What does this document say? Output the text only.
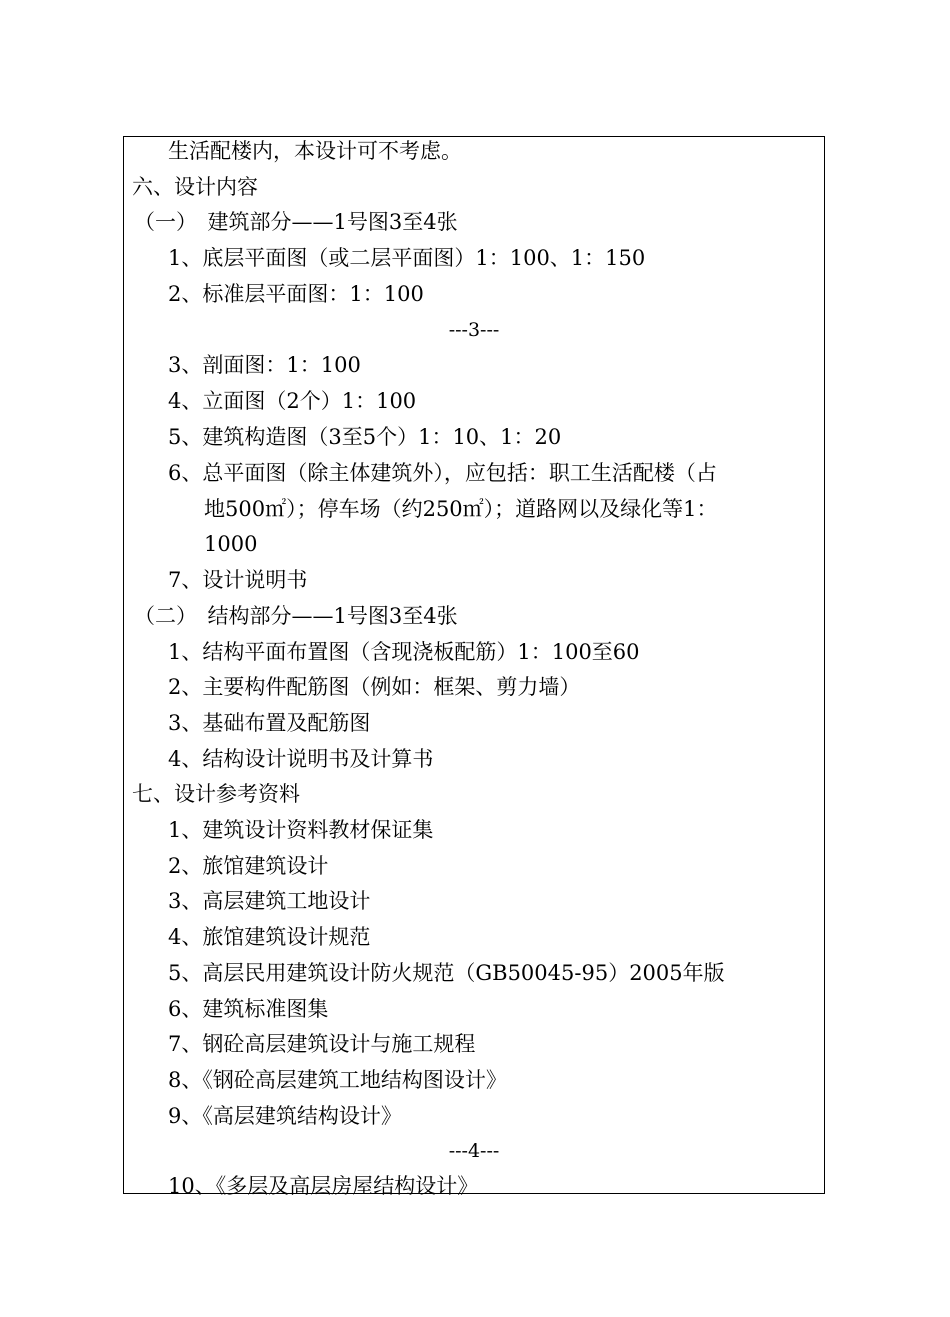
生活配楼内，本设计可不考虑。
六、设计内容
（一）　建筑部分——1号图3至4张
1、底层平面图（或二层平面图）1：100、1：150
2、标准层平面图：1：100
---3---
3、剖面图：1：100
4、立面图（2个）1：100
5、建筑构造图（3至5个）1：10、1：20
6、总平面图（除主体建筑外），应包括：职工生活配楼（占
地500㎡）；停车场（约250㎡）；道路网以及绿化等1：
1000
7、设计说明书
（二）　结构部分——1号图3至4张
1、结构平面布置图（含现浇板配筋）1：100至60
2、主要构件配筋图（例如：框架、剪力墙）
3、基础布置及配筋图
4、结构设计说明书及计算书
七、设计参考资料
1、建筑设计资料教材保证集
2、旅馆建筑设计
3、高层建筑工地设计
4、旅馆建筑设计规范
5、高层民用建筑设计防火规范（GB50045-95）2005年版
6、建筑标准图集
7、钢砼高层建筑设计与施工规程
8、《钢砼高层建筑工地结构图设计》
9、《高层建筑结构设计》
---4---
10、《多层及高层房屋结构设计》
